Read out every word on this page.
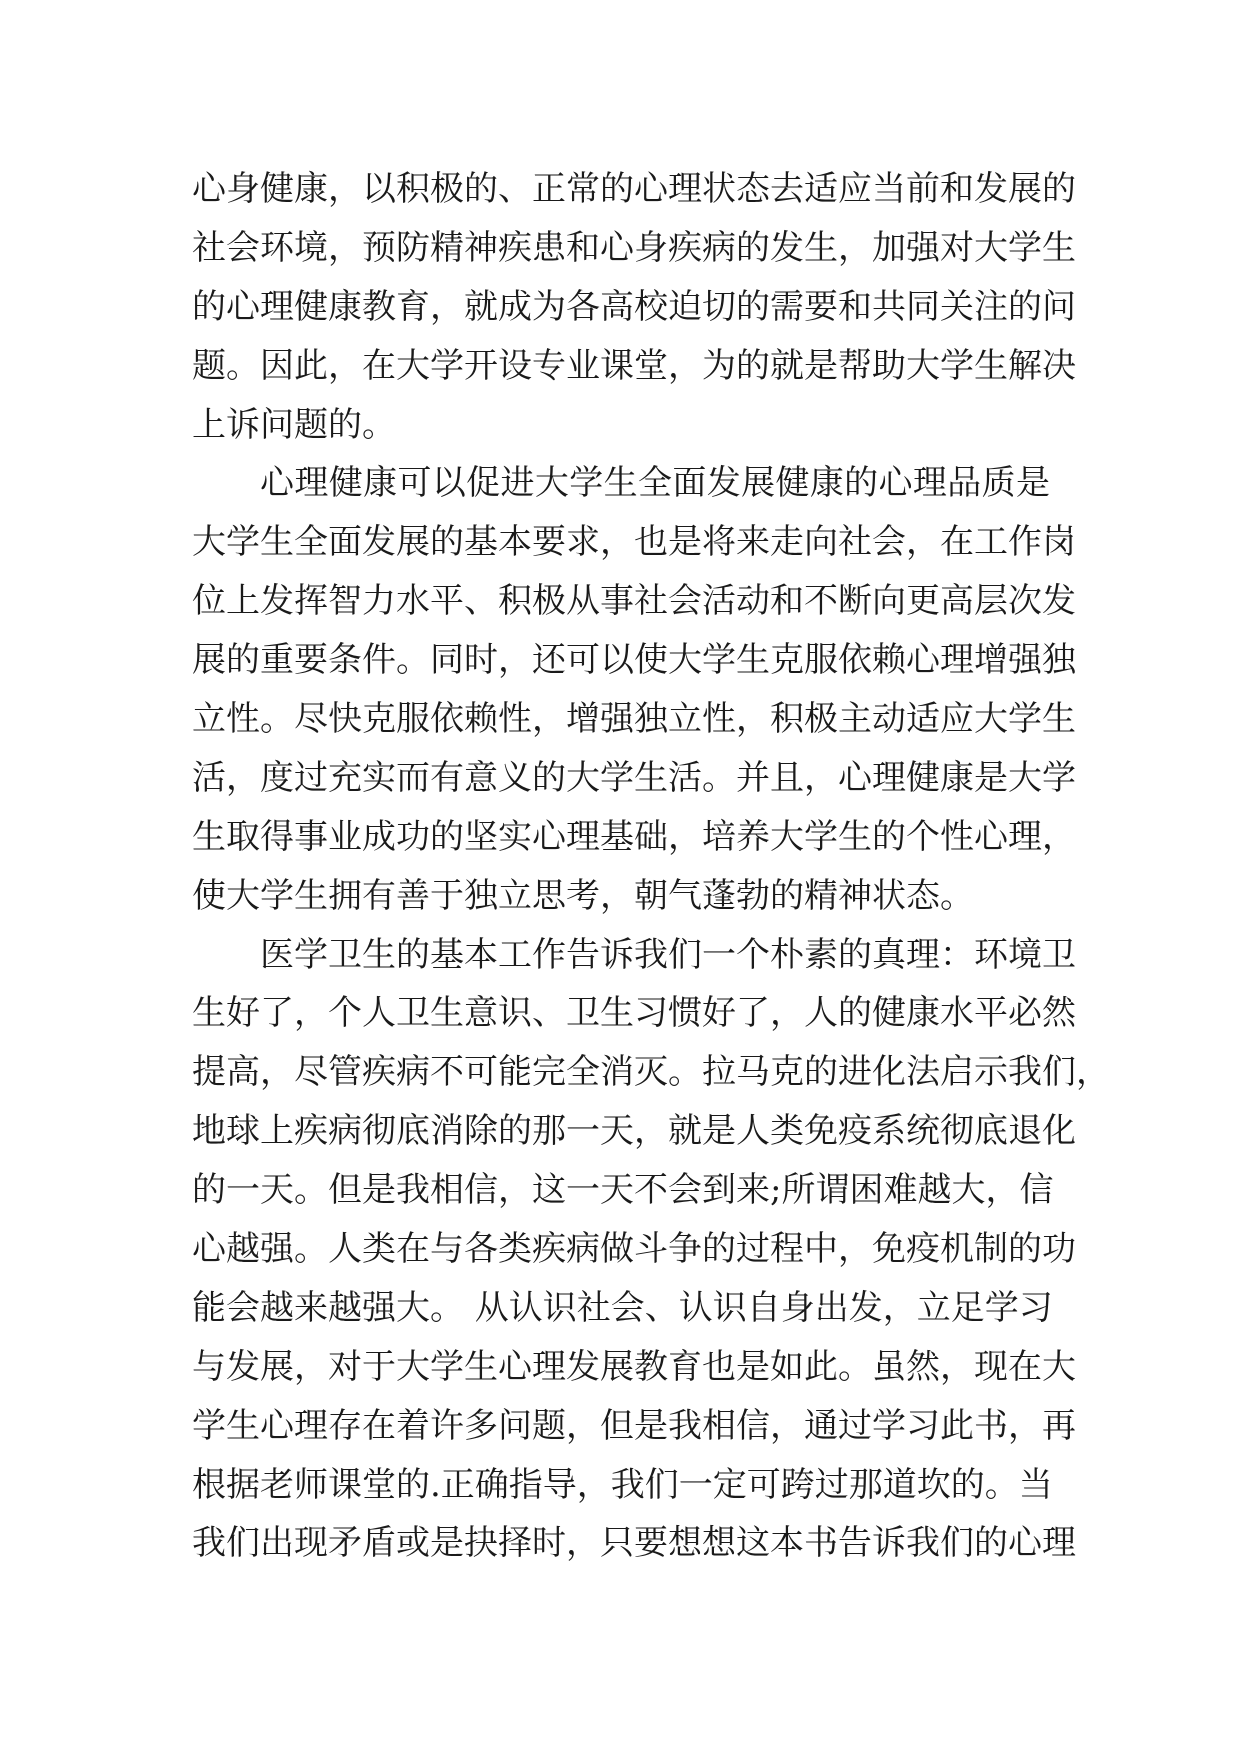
心身健康，以积极的、正常的心理状态去适应当前和发展的
社会环境，预防精神疾患和心身疾病的发生，加强对大学生
的心理健康教育，就成为各高校迫切的需要和共同关注的问
题。因此，在大学开设专业课堂，为的就是帮助大学生解决
上诉问题的。
心理健康可以促进大学生全面发展健康的心理品质是
大学生全面发展的基本要求，也是将来走向社会，在工作岗
位上发挥智力水平、积极从事社会活动和不断向更高层次发
展的重要条件。同时，还可以使大学生克服依赖心理增强独
立性。尽快克服依赖性，增强独立性，积极主动适应大学生
活，度过充实而有意义的大学生活。并且，心理健康是大学
生取得事业成功的坚实心理基础，培养大学生的个性心理，
使大学生拥有善于独立思考，朝气蓬勃的精神状态。
医学卫生的基本工作告诉我们一个朴素的真理：环境卫
生好了，个人卫生意识、卫生习惯好了，人的健康水平必然
提高，尽管疾病不可能完全消灭。拉马克的进化法启示我们，
地球上疾病彻底消除的那一天，就是人类免疫系统彻底退化
的一天。但是我相信，这一天不会到来;所谓困难越大，信
心越强。人类在与各类疾病做斗争的过程中，免疫机制的功
能会越来越强大。 从认识社会、认识自身出发，立足学习
与发展，对于大学生心理发展教育也是如此。虽然，现在大
学生心理存在着许多问题，但是我相信，通过学习此书，再
根据老师课堂的.正确指导，我们一定可跨过那道坎的。当
我们出现矛盾或是抉择时，只要想想这本书告诉我们的心理
